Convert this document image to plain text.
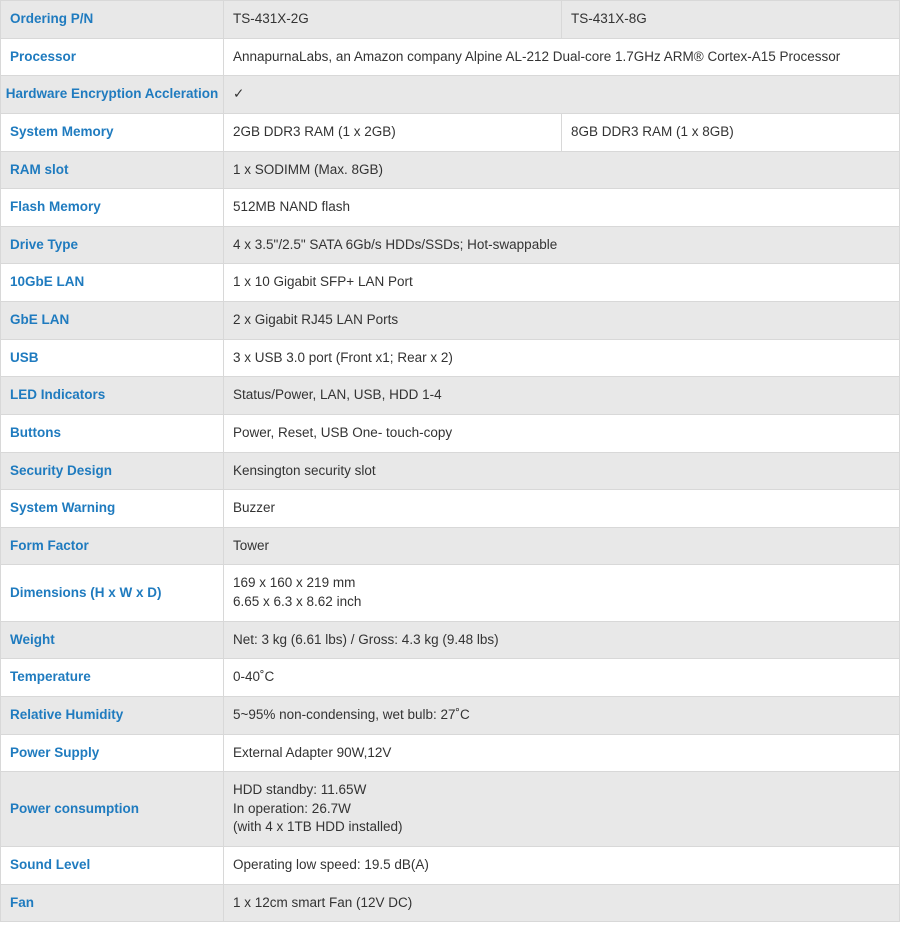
Ordering P/N	TS-431X-2G	TS-431X-8G
Processor	AnnapurnaLabs, an Amazon company Alpine AL-212 Dual-core 1.7GHz ARM® Cortex-A15 Processor	
Hardware Encryption Accleration	✓	
System Memory	2GB DDR3 RAM (1 x 2GB)	8GB DDR3 RAM (1 x 8GB)
RAM slot	1 x SODIMM (Max. 8GB)	
Flash Memory	512MB NAND flash	
Drive Type	4 x 3.5"/2.5" SATA 6Gb/s HDDs/SSDs; Hot-swappable	
10GbE LAN	1 x 10 Gigabit SFP+ LAN Port	
GbE LAN	2 x Gigabit RJ45 LAN Ports	
USB	3 x USB 3.0 port (Front x1; Rear x 2)	
LED Indicators	Status/Power, LAN, USB, HDD 1-4	
Buttons	Power, Reset, USB One- touch-copy	
Security Design	Kensington security slot	
System Warning	Buzzer	
Form Factor	Tower	
Dimensions (H x W x D)	169 x 160 x 219 mm
6.65 x 6.3 x 8.62 inch	

Weight	Net: 3 kg (6.61 lbs) / Gross: 4.3 kg (9.48 lbs)	
Temperature	0-40˚C	
Relative Humidity	5~95% non-condensing, wet bulb: 27˚C	
Power Supply	External Adapter 90W,12V	
Power consumption	HDD standby: 11.65W
In operation: 26.7W
(with 4 x 1TB HDD installed)	

Sound Level	Operating low speed: 19.5 dB(A)	
Fan	1 x 12cm smart Fan (12V DC)	
